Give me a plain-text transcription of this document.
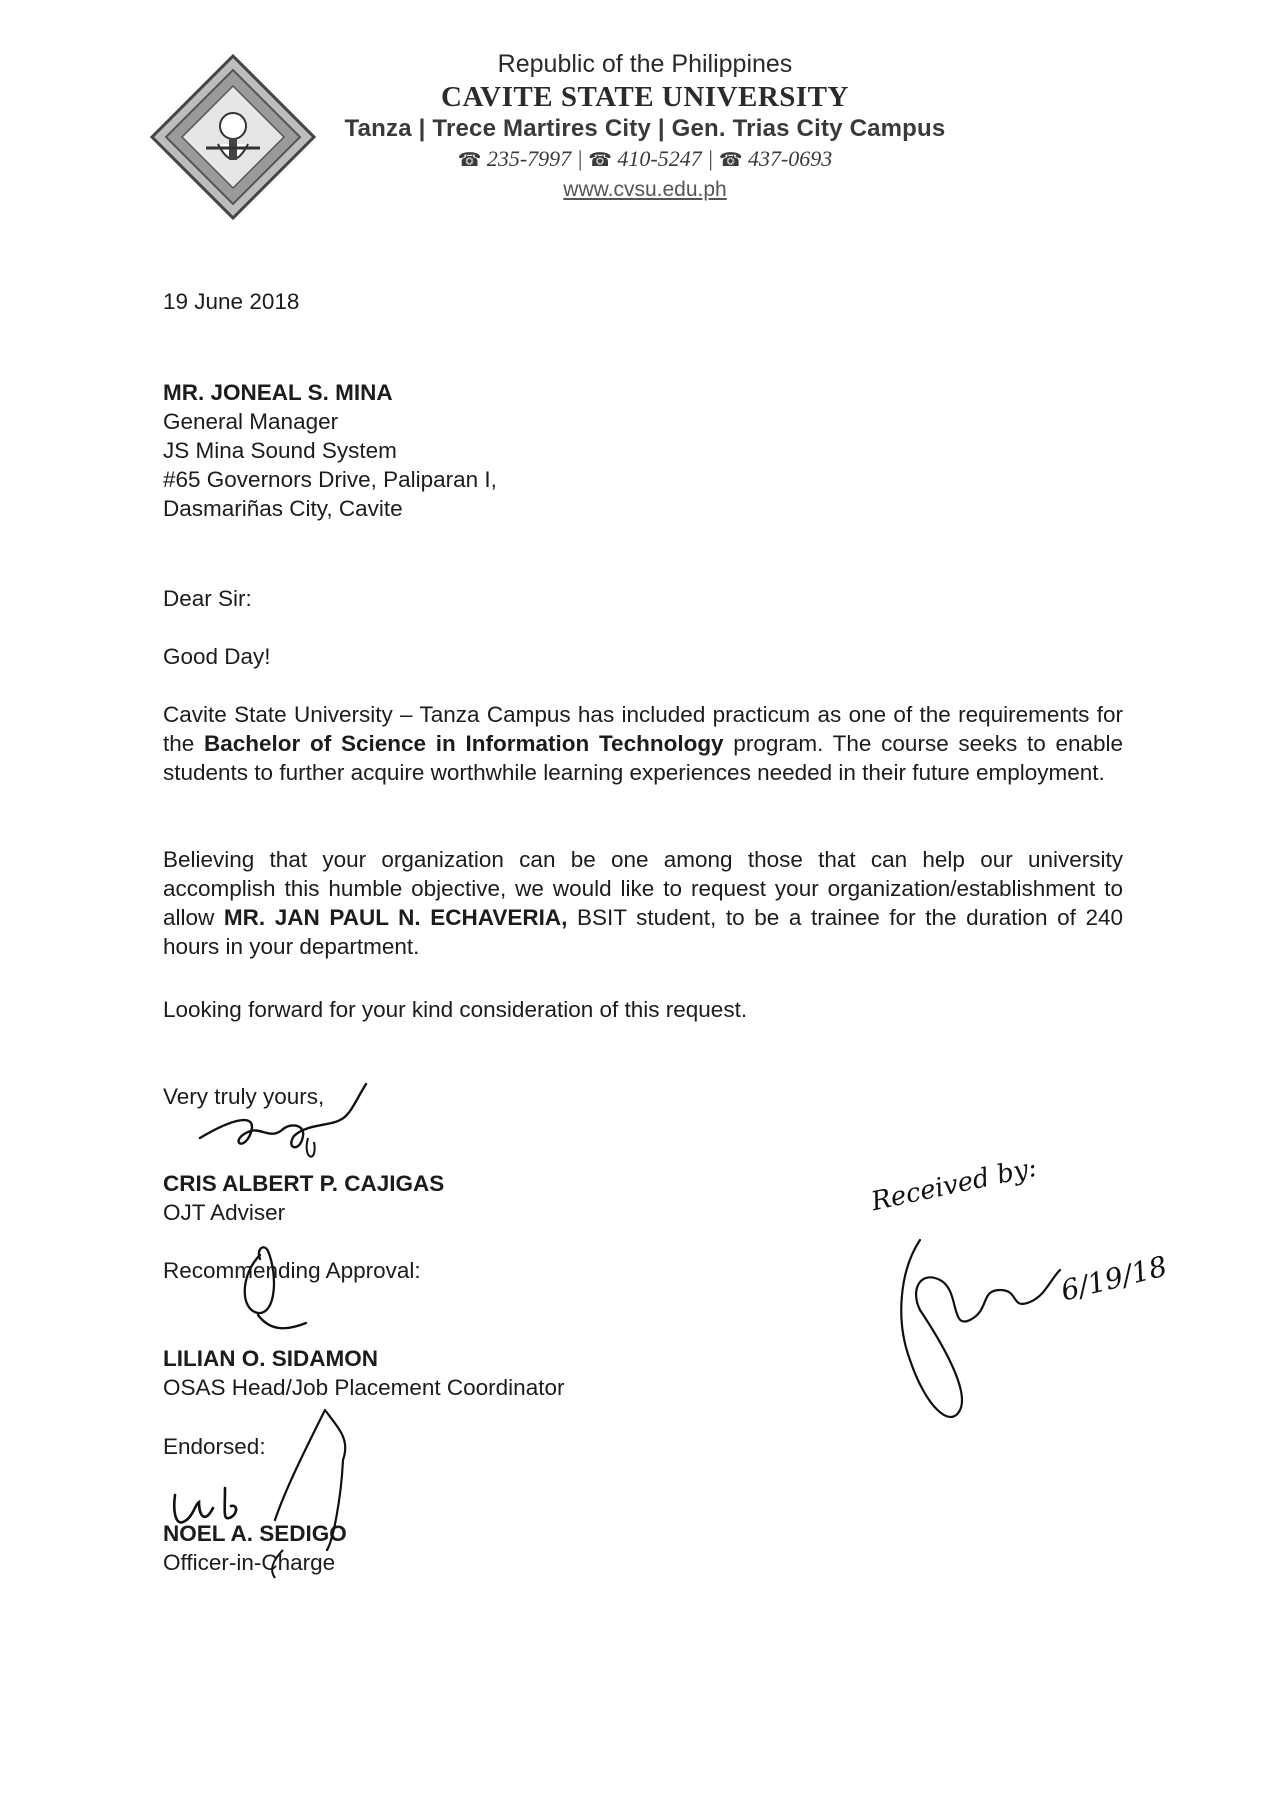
Republic of the Philippines
CAVITE STATE UNIVERSITY
Tanza | Trece Martires City | Gen. Trias City Campus
☎ 235-7997 | ☎ 410-5247 | ☎ 437-0693
www.cvsu.edu.ph
19 June 2018
MR. JONEAL S. MINA
General Manager
JS Mina Sound System
#65 Governors Drive, Paliparan I,
Dasmariñas City, Cavite
Dear Sir:
Good Day!
Cavite State University – Tanza Campus has included practicum as one of the requirements for the Bachelor of Science in Information Technology program. The course seeks to enable students to further acquire worthwhile learning experiences needed in their future employment.
Believing that your organization can be one among those that can help our university accomplish this humble objective, we would like to request your organization/establishment to allow MR. JAN PAUL N. ECHAVERIA, BSIT student, to be a trainee for the duration of 240 hours in your department.
Looking forward for your kind consideration of this request.
Very truly yours,
CRIS ALBERT P. CAJIGAS
OJT Adviser
Recommending Approval:
LILIAN O. SIDAMON
OSAS Head/Job Placement Coordinator
Endorsed:
NOEL A. SEDIGO
Officer-in-Charge
Received by:
6/19/18
